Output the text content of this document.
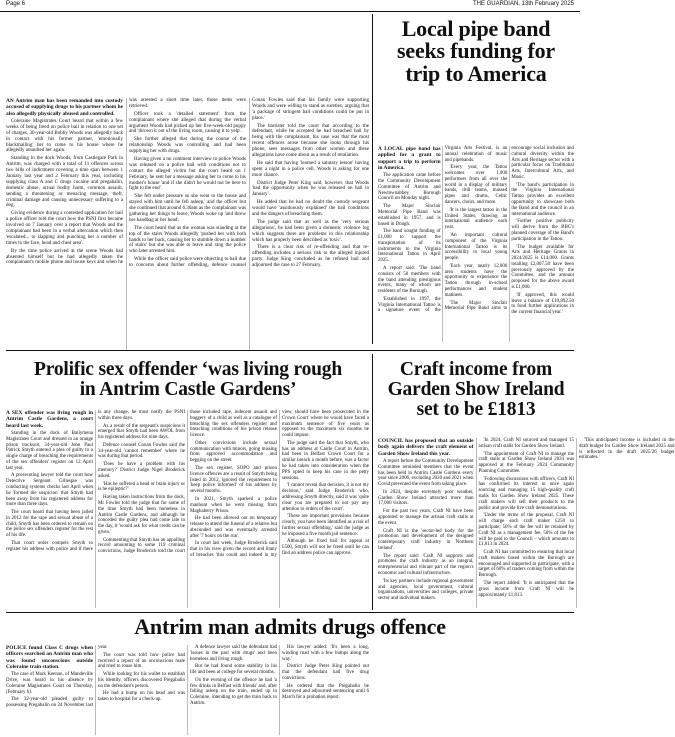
Page 6	THE GUARDIAN, 13th February 2025

AN Antrim man has been remanded into custody accused of supplying drugs to his partner whom he also allegedly physically abused and controlled.

Coleraine Magistrates Court heard that within a few weeks of being freed on police bail in relation to one set of charges, 30-year-old Bobby Woods was allegedly back in contact with his former partner, 'emotionally blackmailing' her to come to his house where he allegedly assaulted her again.

Standing in the dock Woods, from Castlegate Park in Antrim, was charged with a total of 11 offences across two bills of indictment covering a time span between 1 January last year and 2 February this year, including supplying class A and C drugs cocaine and pregabalin, domestic abuse, actual bodily harm, common assault, sending a threatening or menacing message, theft, criminal damage and causing unnecessary suffering to a dog.

Giving evidence during a contested application for bail a police officer told the court how the PSNI first became involved on 7 January over a report that Woods and the complainant had been in a verbal altercation which then 'escalated... to slapping and punching her a number of times to the face, head and chest area'.

By the time police arrived at the scene Woods had absented himself but he had allegedly taken the complainant's mobile phone and house keys and when he was arrested a short time later, those items were retrieved.

Officer took a 'detailed statement' from the complainant where she alleged that during the verbal argument Woods had picked up her five-week-old puppy and 'thrown it out of the living room, causing it to yelp'.

She further alleged that during the course of the relationship Woods was controlling and had been supplying her with drugs.

Having given a no comment interview to police Woods was released on a police bail with conditions not to contact the alleged victim but the court heard on 1 February, he sent her a message asking her to come to his mother's house 'and if she didn't he would not be here to fight to the end'.

'She felt under pressure so she went to the house and stayed with him until he fell asleep,' and the officer but she continued that around 6.30am as the complainant was gathering her things to leave, Woods woke up 'and threw her handbag at her head'.

The court heard that as the woman was standing at the top of the stairs Woods allegedly 'pushed her with both hands to her back, causing her to stumble down a number of stairs' but she was able to leave and rang the police who later arrested him.

While the officer said police were objecting to bail due to concerns about further offending, defence counsel Conan Fowles said that his family were supporting Woods and were willing to stand as sureties, arguing that 'a package of stringent bail conditions could be put in place.'

The barrister told the court that according to the defendant, while he accepted he had breached bail by being with the complainant, his case was that the most recent offences arose because she looks through his phone, sees messages from other women and these allegations have come about as a result of retaliation.

He said that having 'learned a salutary lesson' having spent a night in a police cell, Woods is asking for one more chance.

District Judge Peter King said, however, that Woods 'had the opportunity when he was released on bail in January'.

He added that he had no doubt the custody sergeant would have 'assiduously explained' the bail conditions and the dangers of breaching them.

The judge said that as well as the 'very serious allegations', he had been given a domestic violence log which suggests there are problems in this relationship which has properly been described as 'toxic'.

There is a clear risk of re-offending and that re-offending includes a serious risk to the alleged injured party. Judge King concluded as he refused bail and adjourned the case to 27 February.

Local pipe band seeks funding for trip to America

A LOCAL pipe band has applied for a grant to support a trip to perform in America.

The application came before the Community Development Committee of Antrim and Newtownabbey Borough Council on Monday night.

The Major Sinclair Memorial Pipe Band was established in 1957, and is based in Dough.

The band sought funding of £1,000 to support the transportation of its instruments to the Virginia International Tattoo in April 2025.

A report said: 'The band consists of 50 members with the band attending prestigious events, many of whom are residents of the Borough.

'Established in 1997, the Virginia International Tattoo is a signature event of the Virginia Arts Festival, is an annual celebration of music and pipebands.

'Every year, the Tattoo welcomes over 1,000 performers from all over the world in a display of military bands, drill teams, massed pipes and drums, Celtic dancers, choirs, and more.

'It is the largest tattoo in the United States, drawing an international audience each year.

'An important cultural component of the Virginia International Tattoo is its accessibility to local young people.

'Each year, nearly 12,000 area students have the opportunity to experience the Tattoo through in-school performances and student matinees.

'The Major Sinclair Memorial Pipe Band aims to encourage social inclusion and cultural diversity within the Arts and Heritage sector with a particular focus on Traditional Arts, Intercultural Arts, and Music.

'The band's participation in the Virginia International Tattoo provides an excellent opportunity to showcase both the Band and the council in an international audience.

'Further positive publicity will derive from the BBC's planned coverage of the Band's participation in the Tattoo.

'The budget available for Arts and Heritage Grants in 2024/2025 is £14,000. Grants totalling £2,007.50 have been previously approved by the Committee, and the amount proposed for the above award is £1,000.

'If approved, this would leave a balance of £10,892.50 to fund further applications in the current financial year.'

Prolific sex offender ‘was living rough in Antrim Castle Gardens’

A SEX offender was living rough in Antrim Castle Gardens, a court heard last week.

Standing in the dock of Ballymena Magistrates Court and dressed in an orange prison tracksuit, 34-year-old John Paul Patrick Smyth entered a plea of guilty to a single charge of breaching the requirements of the sex offenders' register on 12 April last year.

A prosecuting lawyer told the court how Detective Sergeant Gillespie was conducting systems checks last April when he 'formed the suspicion' that Smyth had been away from his registered address for more than three days.

The court heard that having been jailed in 2012 for the rape and sexual abuse of a child, Smyth has been ordered to remain on the police sex offenders register for the rest of his life.

That court order compels Smyth to register his address with police and if there is any change, he must notify the PSNI within three days.

As a result of the sergeant's suspicions it emerged that Smyth had been AWOL from his registered address for nine days.

Defence counsel Conan Fowles said the 34-year-old 'cannot remember' where he was during that period.

'Does he have a problem with his memory?' District Judge Nigel Broderick asked.

'Has he suffered a head or brain injury or is he epileptic?'

Having taken instructions from the dock, Mr Fowles told the judge that for some of the time Smyth had been homeless in Antrim Castle Gardens, and although he conceded the guilty plea had come late in the day, it 'would ask for what credit can be given.'

Commenting that Smyth has an appalling record amounting to some 119 criminal convictions, Judge Broderick told the court those included rape, indecent assault and buggery of a child as well as a catalogue of breaching the sex offenders register and breaching conditions of his prison release licence.

Other convictions include sexual communication with minors, going missing from approved accommodation and begging on the street.

The sex register, SOPO and prison licence offences are a result of Smyth being listed in 2012, ignored the requirement to 'keep police informed' of his address by several months.

In 2021, Smyth sparked a police manhunt when he went missing from Maghaberry Prison.

He had been allowed out on temporary release to attend the funeral of a relative but absconded and was eventually arrested after '7 hours on the run'.

In court last week, Judge Broderick said that in his view given the record and litany of breaches 'this could and indeed in my view, should have been prosecuted in the Crown Court' where he would have faced a maximum sentence of five years as opposed to the maximum six months he could impose.

The judge said the fact that Smyth, who has an address at Castle Court in Antrim, had been in Belfast Crown Court for a similar breach a month before, was a factor he had taken into consideration when the PPS opted to keep his case in the petty sessions.

'I cannot reveal that decision, it is not my decision,' said Judge Broderick who, addressing Smyth directly, said it was 'quite clear you are prepared to not pay any attention to orders of the court'.

'These are important provisions because clearly, you have been identified as a risk of further sexual offending,' said the judge as he imposed a five month jail sentence.

Although he fixed bail for appeal at £500, Smyth will not be freed until he can find an address police can approve.

Craft income from Garden Show Ireland set to be £1813

COUNCIL has proposed that an outside body again delivers the craft element of Garden Show Ireland this year.

A report before the Community Development Committee reminded members that the event has been held in Antrim Castle Gardens every year since 2006, excluding 2020 and 2021 when Covid prevented the event from taking place.

In 2024, despite extremely poor weather, Garden Show Ireland attracted more than 17,000 visitors.

For the past two years, Craft NI have been appointed to manage the artisan craft stalls at the event.

Craft NI is the 'sector-led body for the promotion and development of the designed contemporary craft industry in Northern Ireland'.

The report said: 'Craft NI supports and promotes the craft industry as an integral, entrepreneurial and vibrant part of the region's economic and cultural infrastructure.

'Its key partners include regional government and agencies, local government, cultural organisations, universities and colleges, private sector and individual makers.

'In 2024, Craft NI sourced and managed 15 artisan craft stalls for Garden Show Ireland.

'The appointment of Craft NI to manage the craft stalls at Garden Show Ireland 2024 was approved at the February 2024 Community Planning Committee.

'Following discussions with officers, Craft NI has confirmed its interest in once again sourcing and managing 15 high-quality craft stalls for Garden Show Ireland 2025. These craft makers will sell their products to the public and provide live craft demonstrations.

'Under the terms of the proposal, Craft NI will charge each craft maker £250 to participate; 50% of the fee will be retained by Craft NI as a management fee, 50% of the fee will be paid to the Council – which amounts to £1,813 in 2024.

Craft NI has committed to ensuring that local craft makers based within the Borough are encouraged and supported to participate, with a target of 60% of traders coming from within the Borough.

The report added: 'It is anticipated that the gross income from Craft NI will be approximately £1,813.

'This anticipated income is included in the draft budget for Garden Show Ireland 2025 and is reflected in the draft 2025/26 budget estimates.'

Antrim man admits drugs offence

POLICE found Class C drugs when officers searched an Antrim man who was found unconscious outside Coleraine train station.

The case of Mark Keenan, of Mandeville Drive, was heard in his absence by Coleraine Magistrates Court on Thursday, (February 6).

The 32-year-old pleaded guilty to possessing Pregabalin on 24 November last year.

The court was told how police had received a report of an unconscious male and tried to rouse him.

While looking for his wallet to establish his identity, officers discovered Pregabalin on the defendant's person.

He had a bump on his head and was taken to hospital for a check-up.

A defence lawyer said the defendant had 'issues in the past with drugs' and been homeless and living rough.

But he had found some stability in his life and been at college for several months.

On the evening of the offence he had 'a few drinks in Belfast with friends' and, after falling asleep on the train, ended up in Coleraine, intending to get the train back to Antrim.

His lawyer added: 'It's been a long, winding road with a few bumps along the way.'

District Judge Peter King pointed out that the defendant had five drug convictions.

He ordered that the Pregabalin be destroyed and adjourned sentencing until 6 March for a probation report.
